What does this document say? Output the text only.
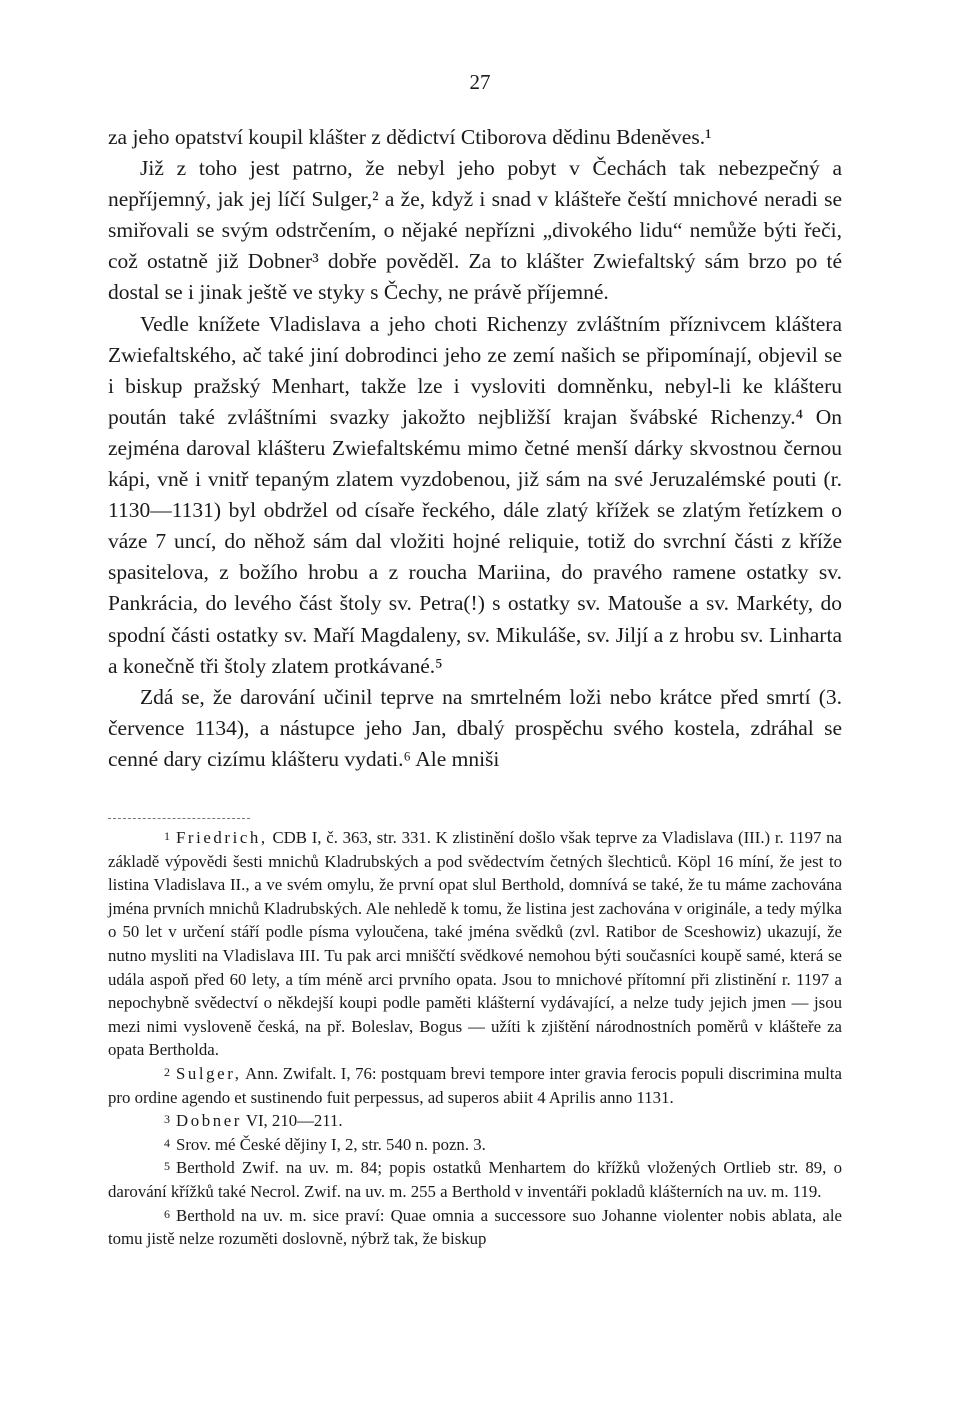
27

za jeho opatství koupil klášter z dědictví Ctiborova dědinu Bdeněves.¹

Již z toho jest patrno, že nebyl jeho pobyt v Čechách tak nebezpečný a nepříjemný, jak jej líčí Sulger,² a že, když i snad v klášteře čeští mnichové neradi se smiřovali se svým odstrčením, o nějaké nepřízni „divokého lidu“ nemůže býti řeči, což ostatně již Dobner³ dobře pověděl. Za to klášter Zwiefaltský sám brzo po té dostal se i jinak ještě ve styky s Čechy, ne právě příjemné.

Vedle knížete Vladislava a jeho choti Richenzy zvláštním příznivcem kláštera Zwiefaltského, ač také jiní dobrodinci jeho ze zemí našich se připomínají, objevil se i biskup pražský Menhart, takže lze i vysloviti domněnku, nebyl-li ke klášteru poután také zvláštními svazky jakožto nejbližší krajan švábské Richenzy.⁴ On zejména daroval klášteru Zwiefaltskému mimo četné menší dárky skvostnou černou kápi, vně i vnitř tepaným zlatem vyzdobenou, již sám na své Jeruzalémské pouti (r. 1130—1131) byl obdržel od císaře řeckého, dále zlatý křížek se zlatým řetízkem o váze 7 uncí, do něhož sám dal vložiti hojné reliquie, totiž do svrchní části z kříže spasitelova, z božího hrobu a z roucha Mariina, do pravého ramene ostatky sv. Pankrácia, do levého část štoly sv. Petra(!) s ostatky sv. Matouše a sv. Markéty, do spodní části ostatky sv. Maří Magdaleny, sv. Mikuláše, sv. Jiljí a z hrobu sv. Linharta a konečně tři štoly zlatem protkávané.⁵

Zdá se, že darování učinil teprve na smrtelném loži nebo krátce před smrtí (3. července 1134), a nástupce jeho Jan, dbalý prospěchu svého kostela, zdráhal se cenné dary cizímu klášteru vydati.⁶ Ale mniši

$^1$ Friedrich, CDB I, č. 363, str. 331. K zlistinění došlo však teprve za Vladislava (III.) r. 1197 na základě výpovědi šesti mnichů Kladrubských a pod svědectvím četných šlechticů. Köpl 16 míní, že jest to listina Vladislava II., a ve svém omylu, že první opat slul Berthold, domnívá se také, že tu máme zachována jména prvních mnichů Kladrubských. Ale nehledě k tomu, že listina jest zachována v originále, a tedy mýlka o 50 let v určení stáří podle písma vyloučena, také jména svědků (zvl. Ratibor de Sceshowiz) ukazují, že nutno mysliti na Vladislava III. Tu pak arci mniščtí svědkové nemohou býti současníci koupě samé, která se udála aspoň před 60 lety, a tím méně arci prvního opata. Jsou to mnichové přítomní při zlistinění r. 1197 a nepochybně svědectví o někdejší koupi podle paměti klášterní vydávající, a nelze tudy jejich jmen — jsou mezi nimi vysloveně česká, na př. Boleslav, Bogus — užíti k zjištění národnostních poměrů v klášteře za opata Bertholda.

$^2$ Sulger, Ann. Zwifalt. I, 76: postquam brevi tempore inter gravia ferocis populi discrimina multa pro ordine agendo et sustinendo fuit perpessus, ad superos abiit 4 Aprilis anno 1131.

$^3$ Dobner VI, 210—211.

$^4$ Srov. mé České dějiny I, 2, str. 540 n. pozn. 3.

$^5$ Berthold Zwif. na uv. m. 84; popis ostatků Menhartem do křížků vložených Ortlieb str. 89, o darování křížků také Necrol. Zwif. na uv. m. 255 a Berthold v inventáři pokladů klášterních na uv. m. 119.

$^6$ Berthold na uv. m. sice praví: Quae omnia a successore suo Johanne violenter nobis ablata, ale tomu jistě nelze rozuměti doslovně, nýbrž tak, že biskup
